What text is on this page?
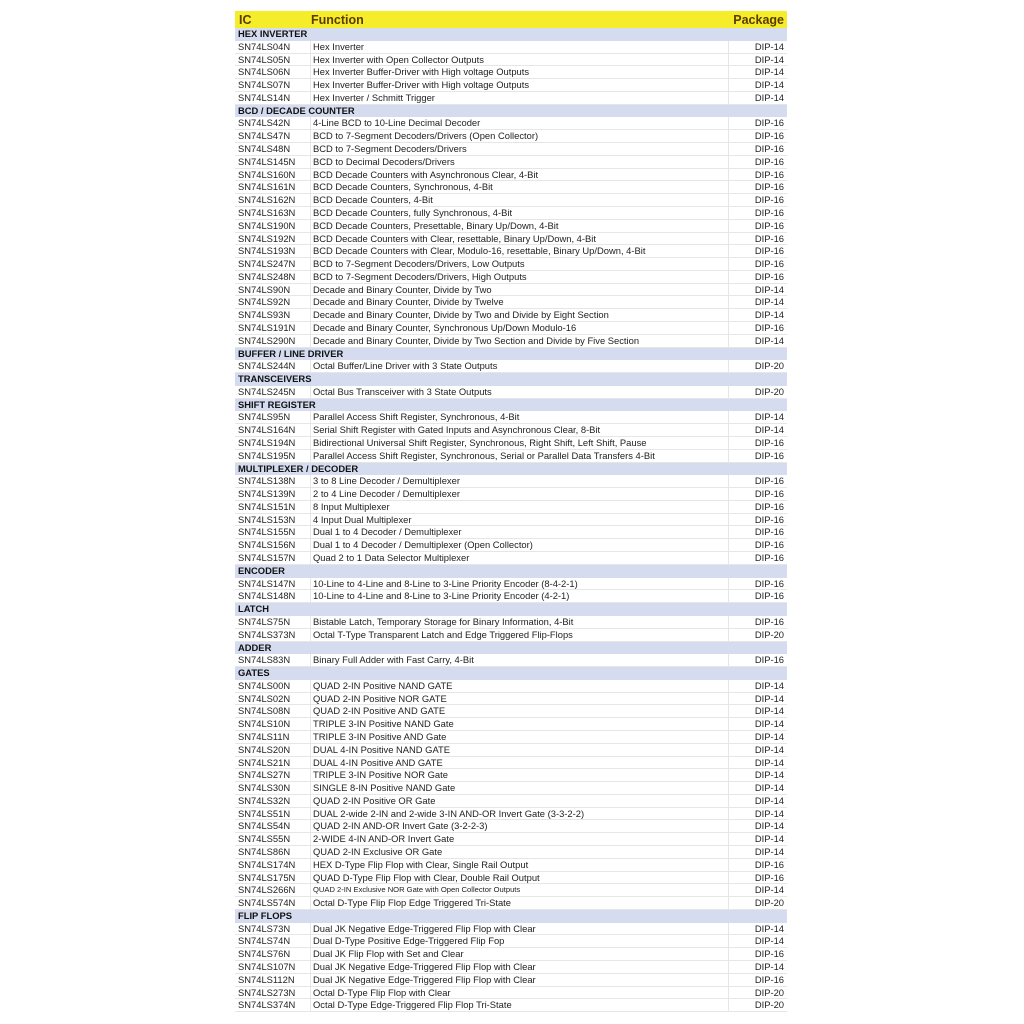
IC	Function	Package
HEX INVERTER
SN74LS04N	Hex Inverter	DIP-14
SN74LS05N	Hex Inverter with Open Collector Outputs	DIP-14
SN74LS06N	Hex Inverter Buffer-Driver with High voltage Outputs	DIP-14
SN74LS07N	Hex Inverter Buffer-Driver with High voltage Outputs	DIP-14
SN74LS14N	Hex Inverter / Schmitt Trigger	DIP-14
BCD / DECADE COUNTER
SN74LS42N	4-Line BCD to 10-Line Decimal Decoder	DIP-16
SN74LS47N	BCD to 7-Segment Decoders/Drivers (Open Collector)	DIP-16
SN74LS48N	BCD to 7-Segment Decoders/Drivers	DIP-16
SN74LS145N	BCD to Decimal Decoders/Drivers	DIP-16
SN74LS160N	BCD Decade Counters with Asynchronous Clear, 4-Bit	DIP-16
SN74LS161N	BCD Decade Counters, Synchronous, 4-Bit	DIP-16
SN74LS162N	BCD Decade Counters, 4-Bit	DIP-16
SN74LS163N	BCD Decade Counters, fully Synchronous, 4-Bit	DIP-16
SN74LS190N	BCD Decade Counters, Presettable, Binary Up/Down, 4-Bit	DIP-16
SN74LS192N	BCD Decade Counters with Clear, resettable, Binary Up/Down, 4-Bit	DIP-16
SN74LS193N	BCD Decade Counters with Clear, Modulo-16, resettable, Binary Up/Down, 4-Bit	DIP-16
SN74LS247N	BCD to 7-Segment Decoders/Drivers, Low Outputs	DIP-16
SN74LS248N	BCD to 7-Segment Decoders/Drivers, High Outputs	DIP-16
SN74LS90N	Decade and Binary Counter, Divide by Two	DIP-14
SN74LS92N	Decade and Binary Counter, Divide by Twelve	DIP-14
SN74LS93N	Decade and Binary Counter, Divide by Two and Divide by Eight Section	DIP-14
SN74LS191N	Decade and Binary Counter, Synchronous Up/Down Modulo-16	DIP-16
SN74LS290N	Decade and Binary Counter, Divide by Two Section and Divide by Five Section	DIP-14
BUFFER / LINE DRIVER
SN74LS244N	Octal Buffer/Line Driver with 3 State Outputs	DIP-20
TRANSCEIVERS
SN74LS245N	Octal Bus Transceiver with 3 State Outputs	DIP-20
SHIFT REGISTER
SN74LS95N	Parallel Access Shift Register, Synchronous, 4-Bit	DIP-14
SN74LS164N	Serial Shift Register with Gated Inputs and Asynchronous Clear, 8-Bit	DIP-14
SN74LS194N	Bidirectional Universal Shift Register, Synchronous, Right Shift, Left Shift, Pause	DIP-16
SN74LS195N	Parallel Access Shift Register, Synchronous, Serial or Parallel Data Transfers 4-Bit	DIP-16
MULTIPLEXER / DECODER
SN74LS138N	3 to 8 Line Decoder / Demultiplexer	DIP-16
SN74LS139N	2 to 4 Line Decoder / Demultiplexer	DIP-16
SN74LS151N	8 Input Multiplexer	DIP-16
SN74LS153N	4 Input Dual Multiplexer	DIP-16
SN74LS155N	Dual 1 to 4 Decoder / Demultiplexer	DIP-16
SN74LS156N	Dual 1 to 4 Decoder / Demultiplexer (Open Collector)	DIP-16
SN74LS157N	Quad 2 to 1 Data Selector Multiplexer	DIP-16
ENCODER
SN74LS147N	10-Line to 4-Line and 8-Line to 3-Line Priority Encoder (8-4-2-1)	DIP-16
SN74LS148N	10-Line to 4-Line and 8-Line to 3-Line Priority Encoder (4-2-1)	DIP-16
LATCH
SN74LS75N	Bistable Latch, Temporary Storage for Binary Information, 4-Bit	DIP-16
SN74LS373N	Octal T-Type Transparent Latch and Edge Triggered Flip-Flops	DIP-20
ADDER
SN74LS83N	Binary Full Adder with Fast Carry, 4-Bit	DIP-16
GATES
SN74LS00N	QUAD 2-IN Positive NAND GATE	DIP-14
SN74LS02N	QUAD 2-IN Positive NOR GATE	DIP-14
SN74LS08N	QUAD 2-IN Positive AND GATE	DIP-14
SN74LS10N	TRIPLE 3-IN Positive NAND Gate	DIP-14
SN74LS11N	TRIPLE 3-IN Positive AND Gate	DIP-14
SN74LS20N	DUAL 4-IN Positive NAND GATE	DIP-14
SN74LS21N	DUAL 4-IN Positive AND GATE	DIP-14
SN74LS27N	TRIPLE 3-IN Positive NOR Gate	DIP-14
SN74LS30N	SINGLE 8-IN Positive NAND Gate	DIP-14
SN74LS32N	QUAD 2-IN Positive OR Gate	DIP-14
SN74LS51N	DUAL 2-wide 2-IN and 2-wide 3-IN AND-OR Invert Gate (3-3-2-2)	DIP-14
SN74LS54N	QUAD 2-IN AND-OR Invert Gate (3-2-2-3)	DIP-14
SN74LS55N	2-WIDE 4-IN AND-OR Invert Gate	DIP-14
SN74LS86N	QUAD 2-IN Exclusive OR Gate	DIP-14
SN74LS174N	HEX D-Type Flip Flop with Clear, Single Rail Output	DIP-16
SN74LS175N	QUAD D-Type Flip Flop with Clear, Double Rail Output	DIP-16
SN74LS266N	QUAD 2-IN Exclusive NOR Gate with Open Collector Outputs	DIP-14
SN74LS574N	Octal D-Type Flip Flop Edge Triggered Tri-State	DIP-20
FLIP FLOPS
SN74LS73N	Dual JK Negative Edge-Triggered Flip Flop with Clear	DIP-14
SN74LS74N	Dual D-Type Positive Edge-Triggered Flip Fop	DIP-14
SN74LS76N	Dual JK Flip Flop with Set and Clear	DIP-16
SN74LS107N	Dual JK Negative Edge-Triggered Flip Flop with Clear	DIP-14
SN74LS112N	Dual JK Negative Edge-Triggered Flip Flop with Clear	DIP-16
SN74LS273N	Octal D-Type Flip Flop with Clear	DIP-20
SN74LS374N	Octal D-Type Edge-Triggered Flip Flop Tri-State	DIP-20
